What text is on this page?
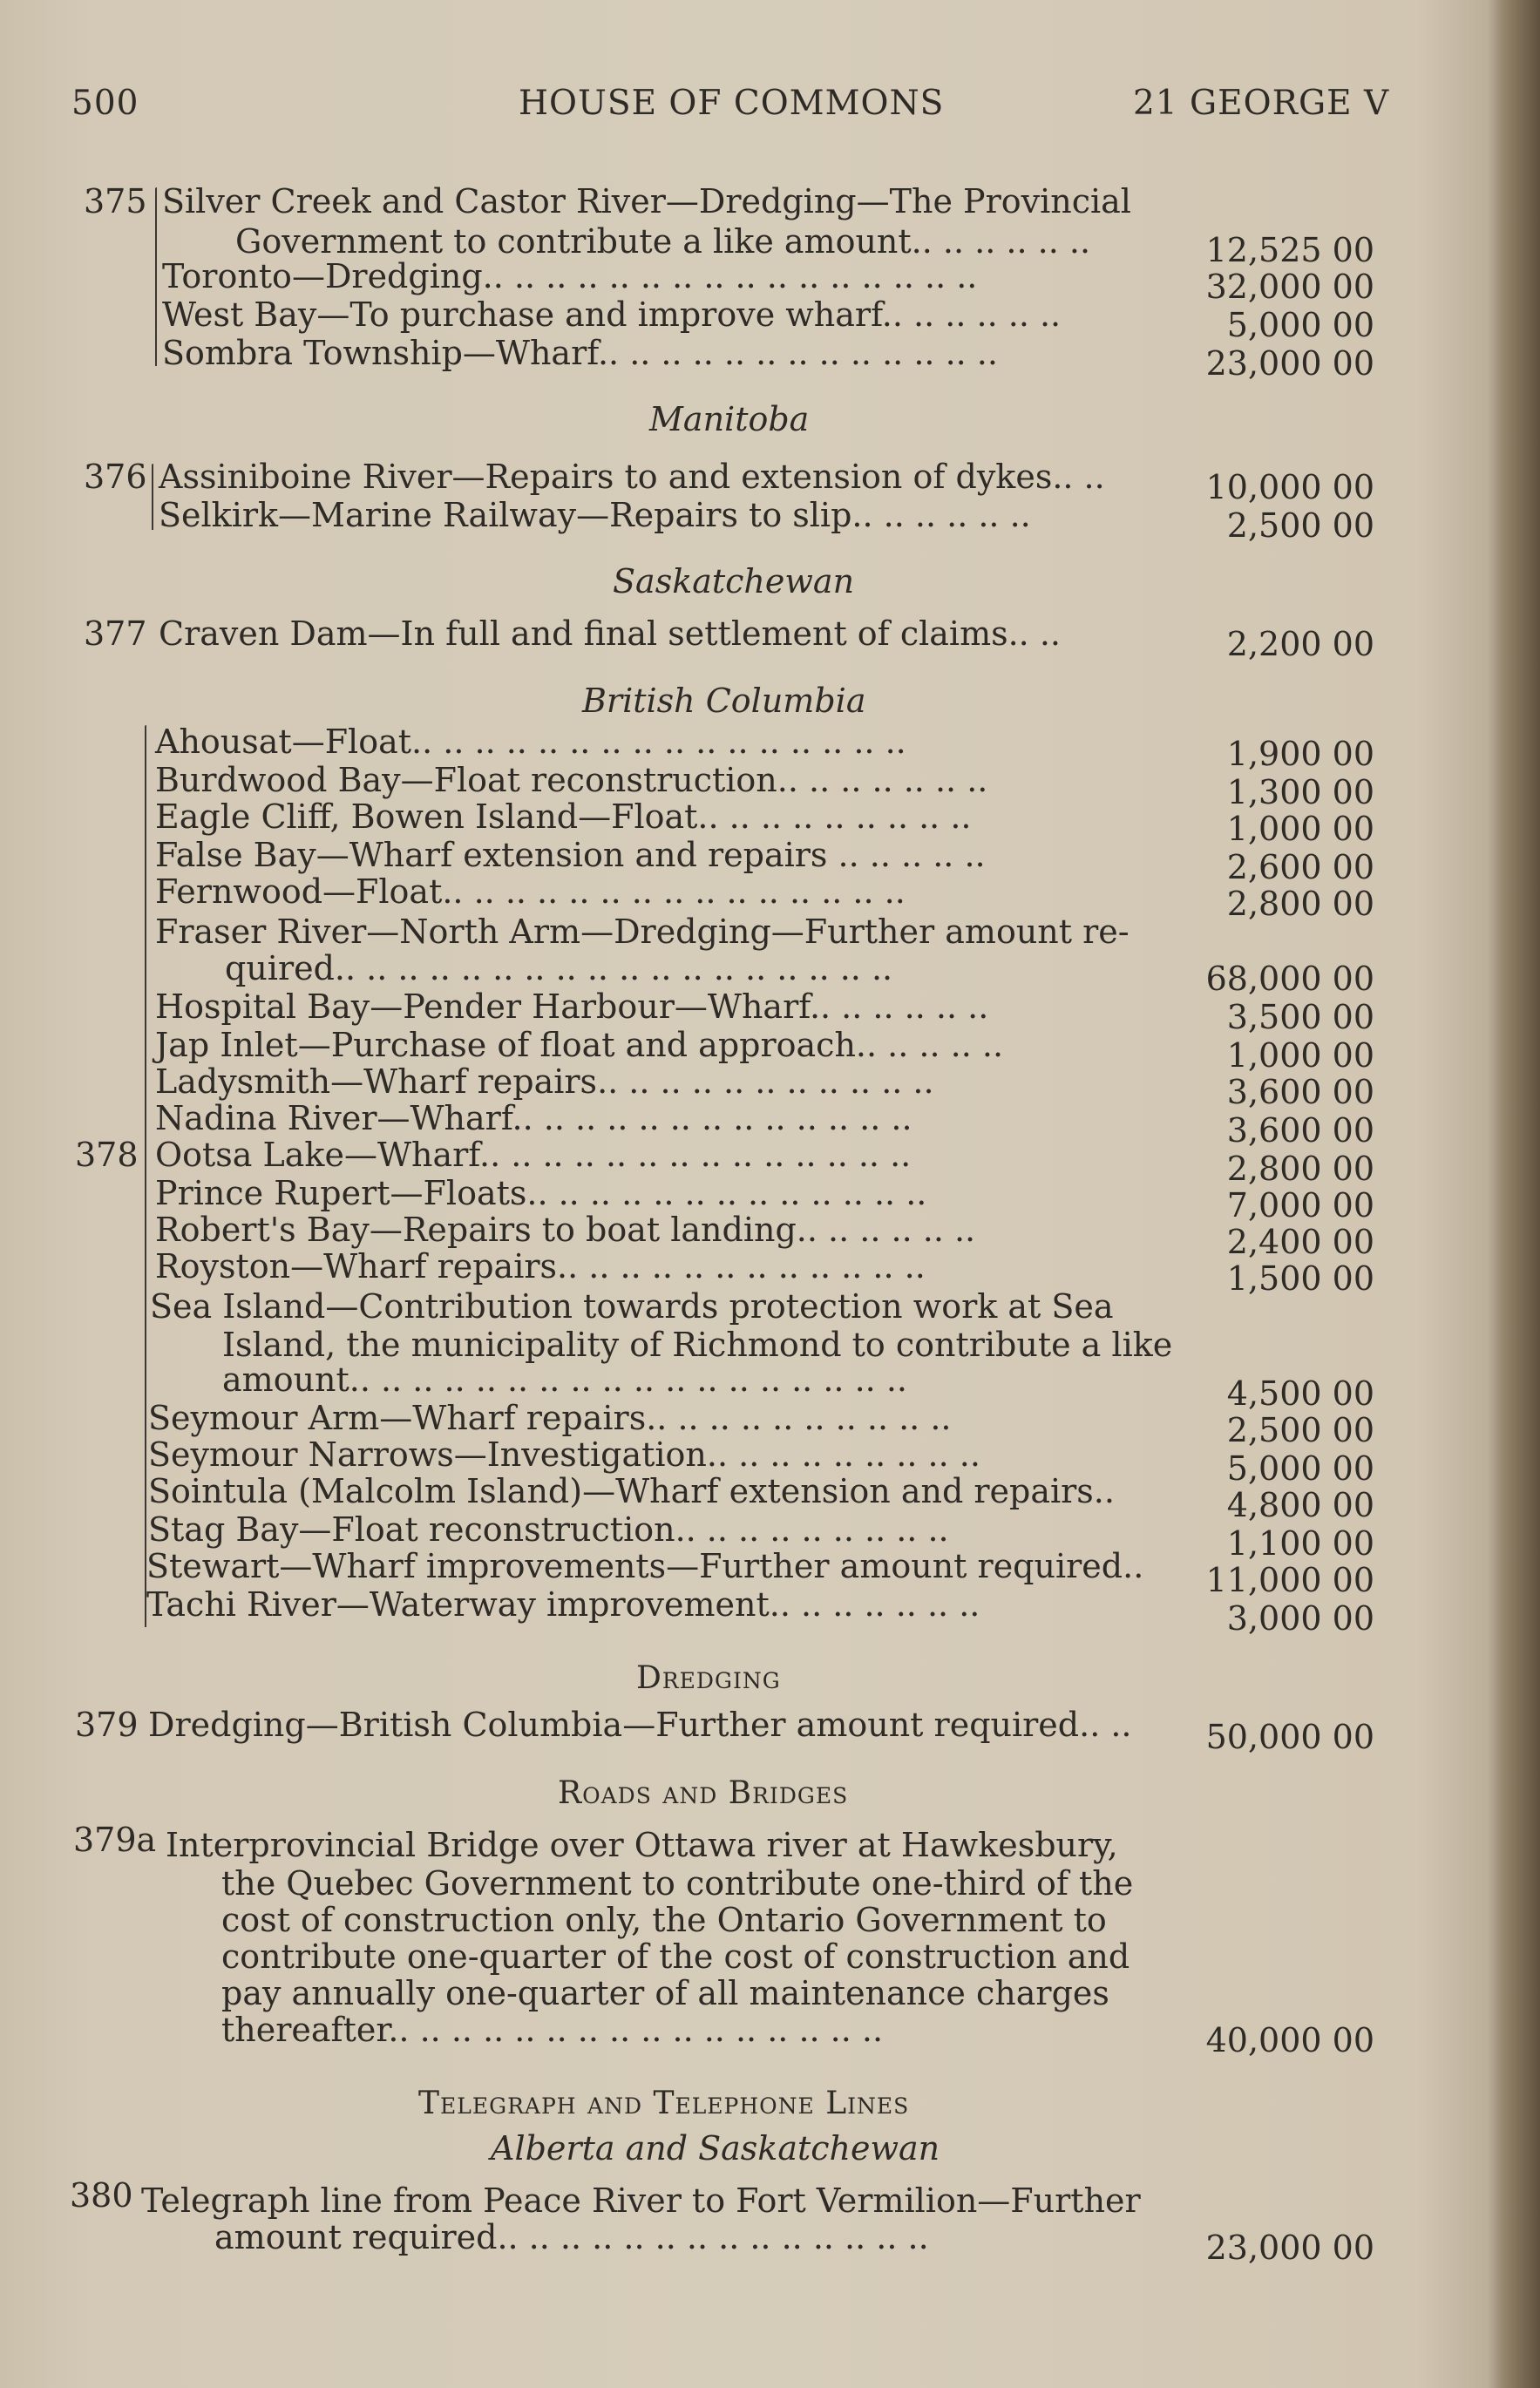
500	HOUSE OF COMMONS	21 GEORGE V
375 Silver Creek and Castor River—Dredging—The Provincial
Government to contribute a like amount.. .. .. .. .. ..	12,525 00
Toronto—Dredging.. .. .. .. .. .. .. .. .. .. .. .. .. .. .. ..	32,000 00
West Bay—To purchase and improve wharf.. .. .. .. .. ..	5,000 00
Sombra Township—Wharf.. .. .. .. .. .. .. .. .. .. .. .. ..	23,000 00
Manitoba
376 Assiniboine River—Repairs to and extension of dykes.. ..	10,000 00
Selkirk—Marine Railway—Repairs to slip.. .. .. .. .. ..	2,500 00
Saskatchewan
377 Craven Dam—In full and final settlement of claims.. ..	2,200 00
British Columbia
Ahousat—Float.. .. .. .. .. .. .. .. .. .. .. .. .. .. .. ..	1,900 00
Burdwood Bay—Float reconstruction.. .. .. .. .. .. ..	1,300 00
Eagle Cliff, Bowen Island—Float.. .. .. .. .. .. .. .. ..	1,000 00
False Bay—Wharf extension and repairs .. .. .. .. ..	2,600 00
Fernwood—Float.. .. .. .. .. .. .. .. .. .. .. .. .. .. ..	2,800 00
Fraser River—North Arm—Dredging—Further amount re-
quired.. .. .. .. .. .. .. .. .. .. .. .. .. .. .. .. .. ..	68,000 00
Hospital Bay—Pender Harbour—Wharf.. .. .. .. .. ..	3,500 00
Jap Inlet—Purchase of float and approach.. .. .. .. ..	1,000 00
Ladysmith—Wharf repairs.. .. .. .. .. .. .. .. .. .. ..	3,600 00
Nadina River—Wharf.. .. .. .. .. .. .. .. .. .. .. .. ..	3,600 00
378 Ootsa Lake—Wharf.. .. .. .. .. .. .. .. .. .. .. .. .. ..	2,800 00
Prince Rupert—Floats.. .. .. .. .. .. .. .. .. .. .. .. ..	7,000 00
Robert's Bay—Repairs to boat landing.. .. .. .. .. ..	2,400 00
Royston—Wharf repairs.. .. .. .. .. .. .. .. .. .. .. ..	1,500 00
Sea Island—Contribution towards protection work at Sea
Island, the municipality of Richmond to contribute a like
amount.. .. .. .. .. .. .. .. .. .. .. .. .. .. .. .. .. ..	4,500 00
Seymour Arm—Wharf repairs.. .. .. .. .. .. .. .. .. ..	2,500 00
Seymour Narrows—Investigation.. .. .. .. .. .. .. .. ..	5,000 00
Sointula (Malcolm Island)—Wharf extension and repairs..	4,800 00
Stag Bay—Float reconstruction.. .. .. .. .. .. .. .. ..	1,100 00
Stewart—Wharf improvements—Further amount required.. 11,000 00
Tachi River—Waterway improvement.. .. .. .. .. .. ..	3,000 00
Dredging
379 Dredging—British Columbia—Further amount required.. .. 50,000 00
Roads and Bridges
379a Interprovincial Bridge over Ottawa river at Hawkesbury,
the Quebec Government to contribute one-third of the
cost of construction only, the Ontario Government to
contribute one-quarter of the cost of construction and
pay annually one-quarter of all maintenance charges
thereafter.. .. .. .. .. .. .. .. .. .. .. .. .. .. .. ..	40,000 00
Telegraph and Telephone Lines
Alberta and Saskatchewan
380 Telegraph line from Peace River to Fort Vermilion—Further
amount required.. .. .. .. .. .. .. .. .. .. .. .. .. ..	23,000 00
